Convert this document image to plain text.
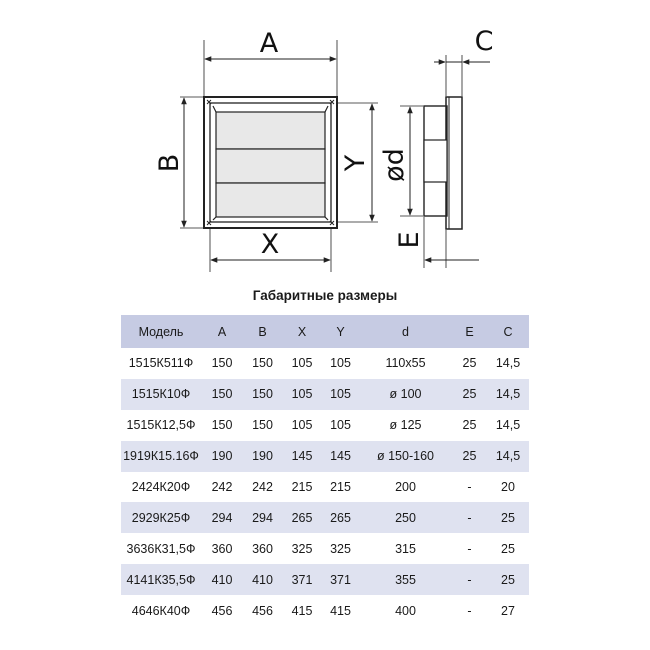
A
B
X
Y
C
ød
E
Габаритные размеры
Модель	A	B	X	Y	d	E	C
1515К511Ф	150	150	105	105	110х55	25	14,5
1515К10Ф	150	150	105	105	ø 100	25	14,5
1515К12,5Ф	150	150	105	105	ø 125	25	14,5
1919К15.16Ф	190	190	145	145	ø 150-160	25	14,5
2424К20Ф	242	242	215	215	200	-	20
2929К25Ф	294	294	265	265	250	-	25
3636К31,5Ф	360	360	325	325	315	-	25
4141К35,5Ф	410	410	371	371	355	-	25
4646К40Ф	456	456	415	415	400	-	27
